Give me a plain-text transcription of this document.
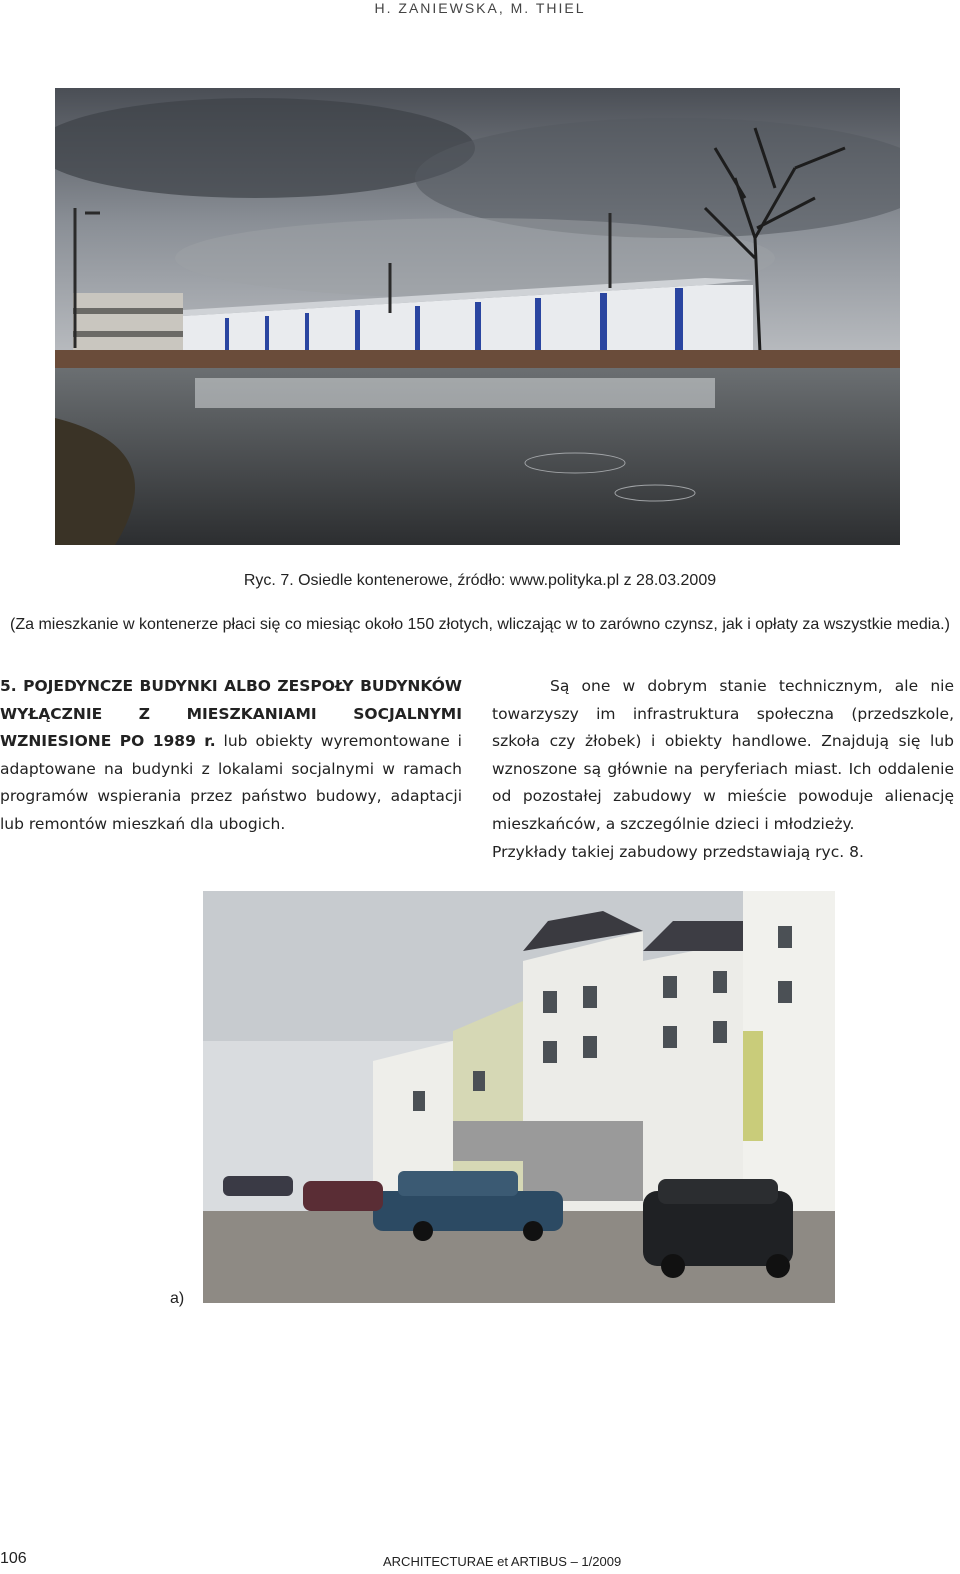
H. ZANIEWSKA, M. THIEL
Ryc. 7. Osiedle kontenerowe, źródło: www.polityka.pl z 28.03.2009
(Za mieszkanie w kontenerze płaci się co miesiąc około 150 złotych, wliczając w to zarówno czynsz, jak i opłaty za wszystkie media.)

5. POJEDYNCZE BUDYNKI ALBO ZESPOŁY BUDYNKÓW WYŁĄCZNIE Z MIESZKANIAMI SOCJALNYMI WZNIESIONE PO 1989 r. lub obiekty wyremontowane i adaptowane na budynki z lokalami socjalnymi w ramach programów wspierania przez państwo budowy, adaptacji lub remontów mieszkań dla ubogich.

Są one w dobrym stanie technicznym, ale nie towarzyszy im infrastruktura społeczna (przedszkole, szkoła czy żłobek) i obiekty handlowe. Znajdują się lub wznoszone są głównie na peryferiach miast. Ich oddalenie od pozostałej zabudowy w mieście powoduje alienację mieszkańców, a szczególnie dzieci i młodzieży.

Przykłady takiej zabudowy przedstawiają ryc. 8.
a)
106	ARCHITECTURAE et ARTIBUS – 1/2009
